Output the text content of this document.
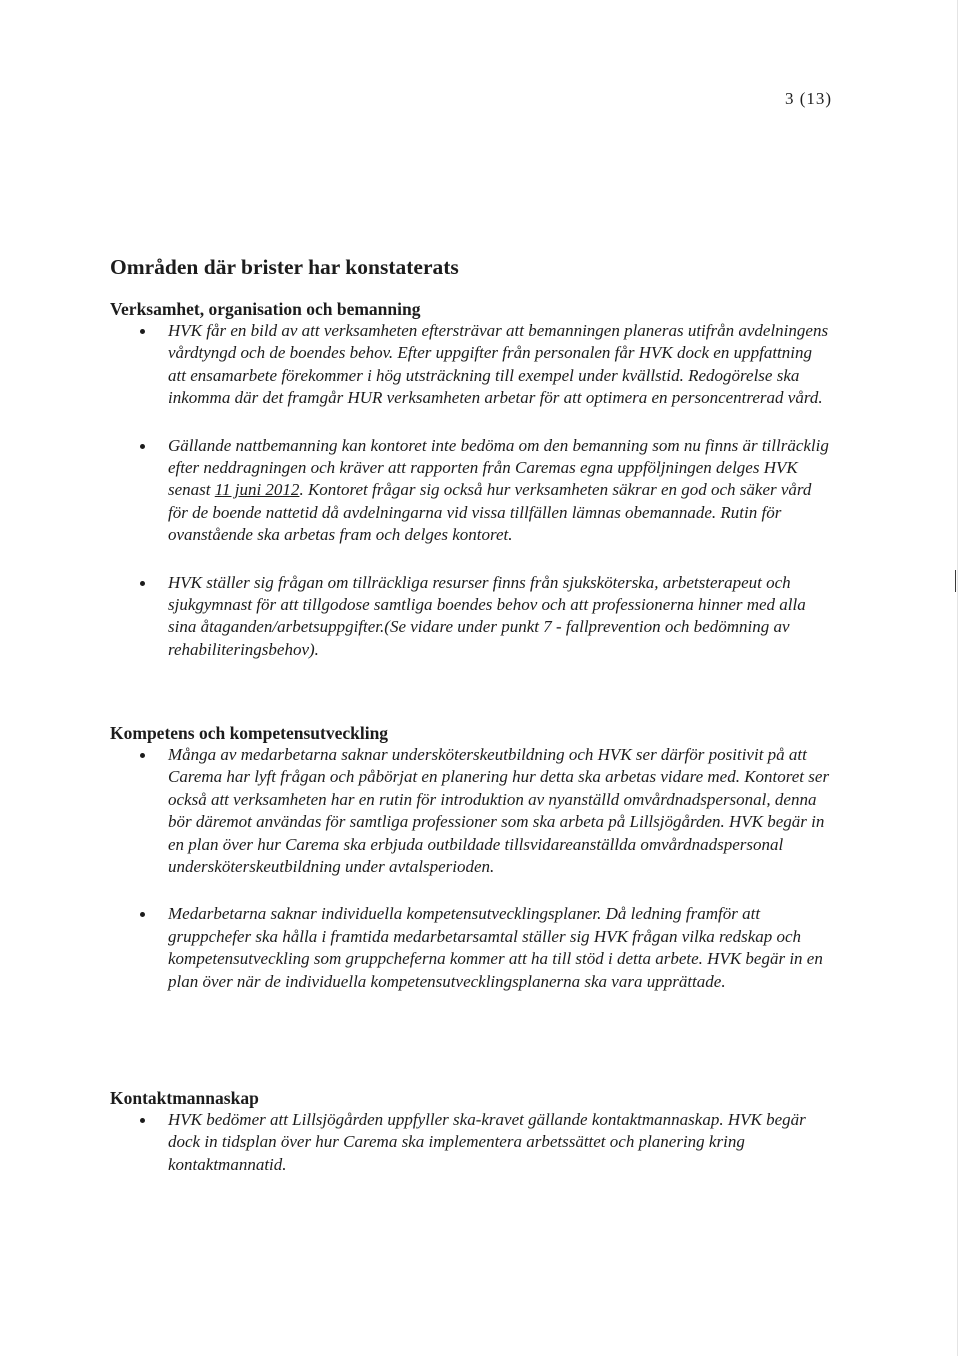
3 (13)
Områden där brister har konstaterats
Verksamhet, organisation och bemanning
HVK får en bild av att verksamheten eftersträvar att bemanningen planeras utifrån avdelningens vårdtyngd och de boendes behov. Efter uppgifter från personalen får HVK dock en uppfattning att ensamarbete förekommer i hög utsträckning till exempel under kvällstid. Redogörelse ska inkomma där det framgår HUR verksamheten arbetar för att optimera en personcentrerad vård.
Gällande nattbemanning kan kontoret inte bedöma om den bemanning som nu finns är tillräcklig efter neddragningen och kräver att rapporten från Caremas egna uppföljningen delges HVK senast 11 juni 2012. Kontoret frågar sig också hur verksamheten säkrar en god och säker vård för de boende nattetid då avdelningarna vid vissa tillfällen lämnas obemannade. Rutin för ovanstående ska arbetas fram och delges kontoret.
HVK ställer sig frågan om tillräckliga resurser finns från sjuksköterska, arbetsterapeut och sjukgymnast för att tillgodose samtliga boendes behov och att professionerna hinner med alla sina åtaganden/arbetsuppgifter.(Se vidare under punkt 7 - fallprevention och bedömning av rehabiliteringsbehov).
Kompetens och kompetensutveckling
Många av medarbetarna saknar undersköterskeutbildning och HVK ser därför positivit på att Carema har lyft frågan och påbörjat en planering hur detta ska arbetas vidare med. Kontoret ser också att verksamheten har en rutin för introduktion av nyanställd omvårdnadspersonal, denna bör däremot användas för samtliga professioner som ska arbeta på Lillsjögården. HVK begär in en plan över hur Carema ska erbjuda outbildade tillsvidareanställda omvårdnadspersonal undersköterskeutbildning under avtalsperioden.
Medarbetarna saknar individuella kompetensutvecklingsplaner. Då ledning framför att gruppchefer ska hålla i framtida medarbetarsamtal ställer sig HVK frågan vilka redskap och kompetensutveckling som gruppcheferna kommer att ha till stöd i detta arbete. HVK begär in en plan över när de individuella kompetensutvecklingsplanerna ska vara upprättade.
Kontaktmannaskap
HVK bedömer att Lillsjögården uppfyller ska-kravet gällande kontaktmannaskap. HVK begär dock in tidsplan över hur Carema ska implementera arbetssättet och planering kring kontaktmannatid.
